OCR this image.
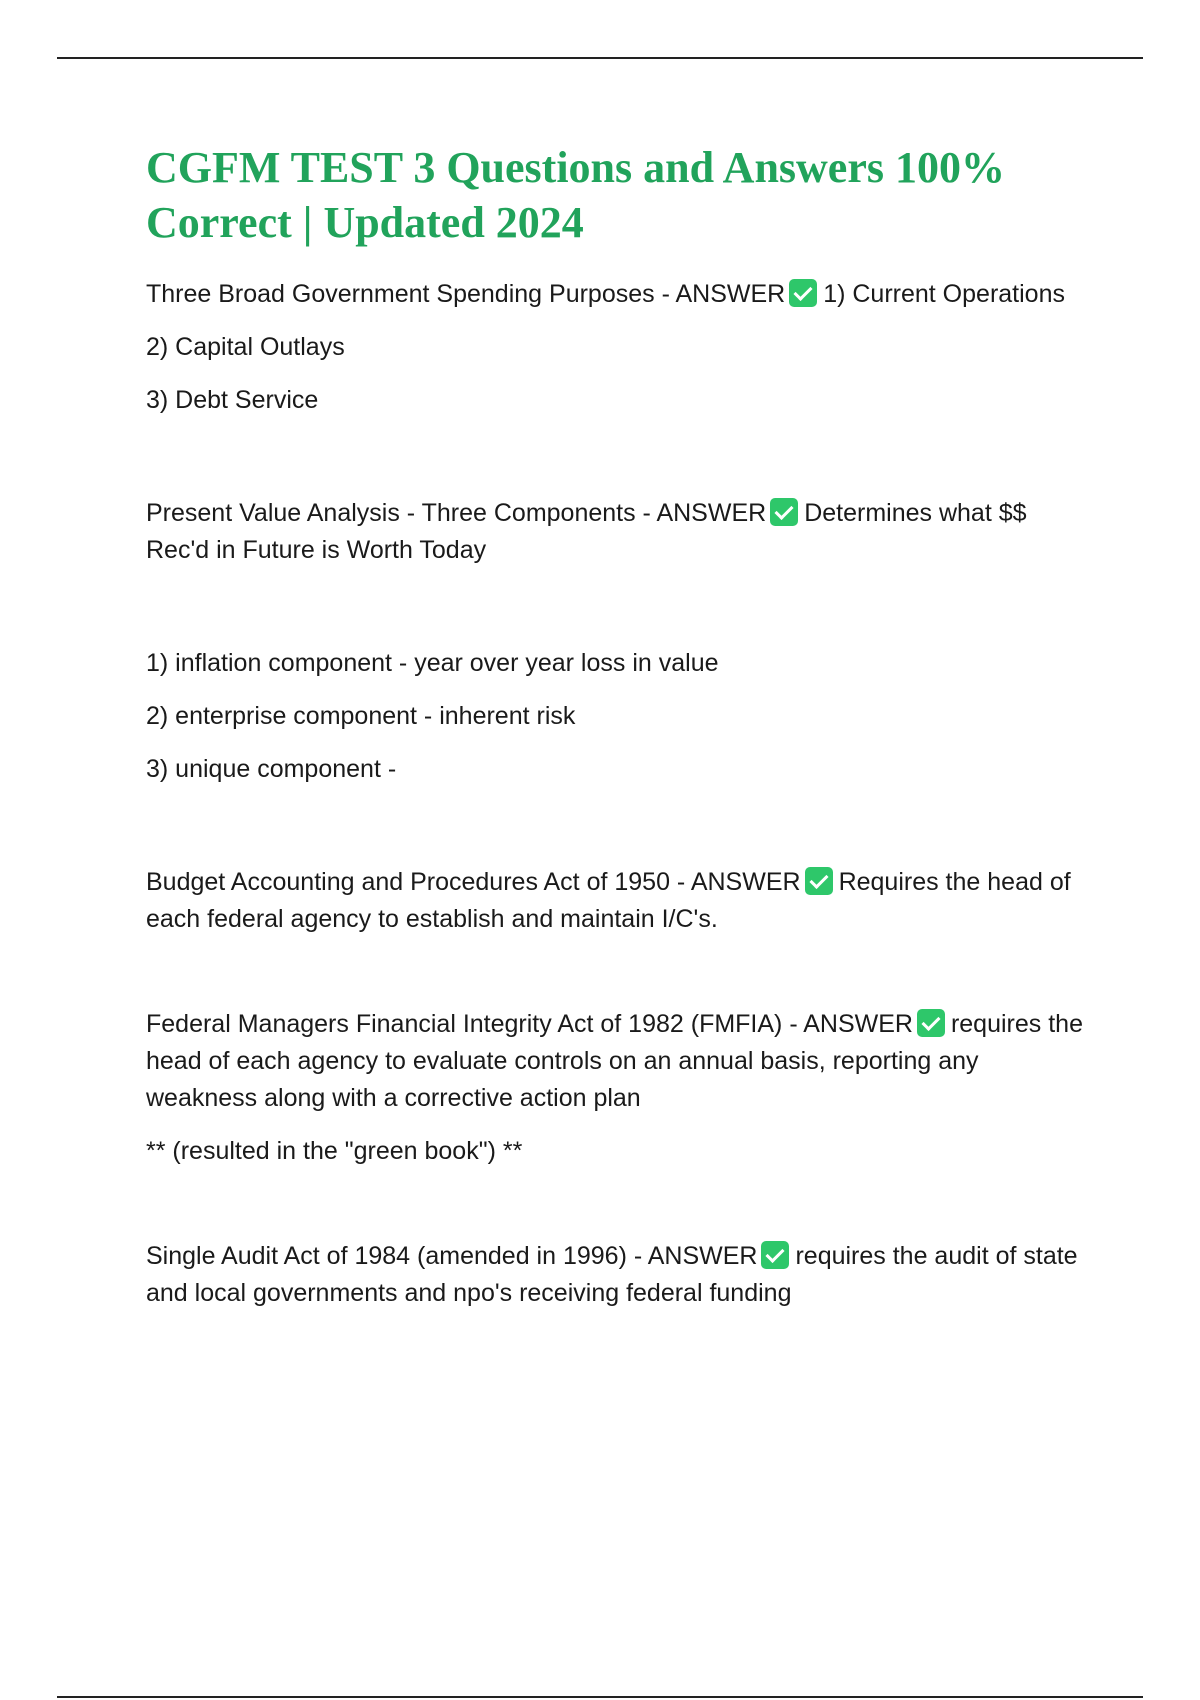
CGFM TEST 3 Questions and Answers 100% Correct | Updated 2024

Three Broad Government Spending Purposes - ANSWER 1) Current Operations

2) Capital Outlays

3) Debt Service

Present Value Analysis - Three Components - ANSWER Determines what $$ Rec'd in Future is Worth Today

1) inflation component - year over year loss in value

2) enterprise component - inherent risk

3) unique component -

Budget Accounting and Procedures Act of 1950 - ANSWER Requires the head of each federal agency to establish and maintain I/C's.

Federal Managers Financial Integrity Act of 1982 (FMFIA) - ANSWER requires the head of each agency to evaluate controls on an annual basis, reporting any weakness along with a corrective action plan

** (resulted in the "green book") **

Single Audit Act of 1984 (amended in 1996) - ANSWER requires the audit of state and local governments and npo's receiving federal funding
